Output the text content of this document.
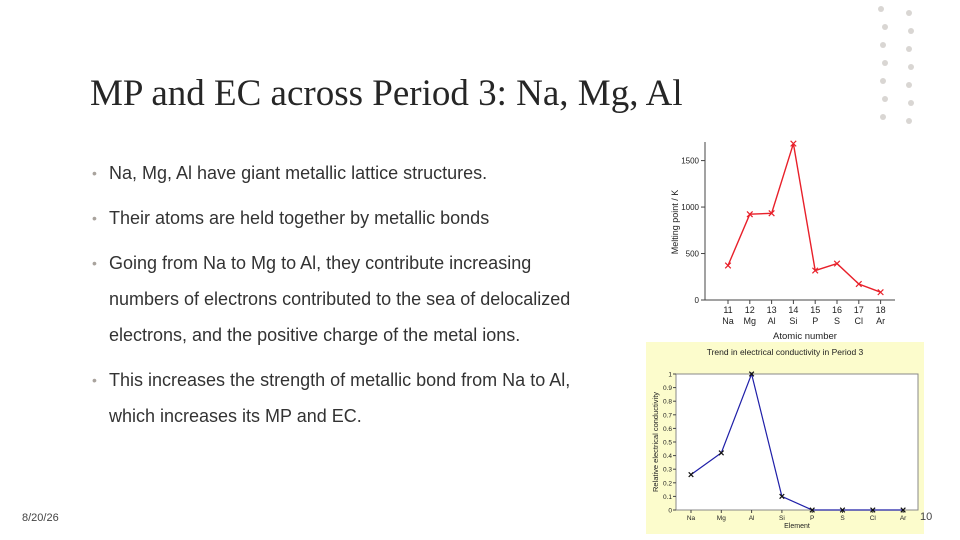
MP and EC across Period 3: Na, Mg, Al
• Na, Mg, Al have giant metallic lattice structures.
• Their atoms are held together by metallic bonds
• Going from Na to Mg to Al, they contribute increasing numbers of electrons contributed to the sea of delocalized electrons, and the positive charge of the metal ions.
• This increases the strength of metallic bond from Na to Al, which increases its MP and EC.
0
500
1000
1500
11
Na
12
Mg
13
Al
14
Si
15
P
16
S
17
Cl
18
Ar
Melting point / K
Atomic number
Trend in electrical conductivity in Period 3
0
0.1
0.2
0.3
0.4
0.5
0.6
0.7
0.8
0.9
1
Na	Mg	Al	Si	P	S	Cl	Ar
Relative electrical conductivity
Element
8/20/26	10
